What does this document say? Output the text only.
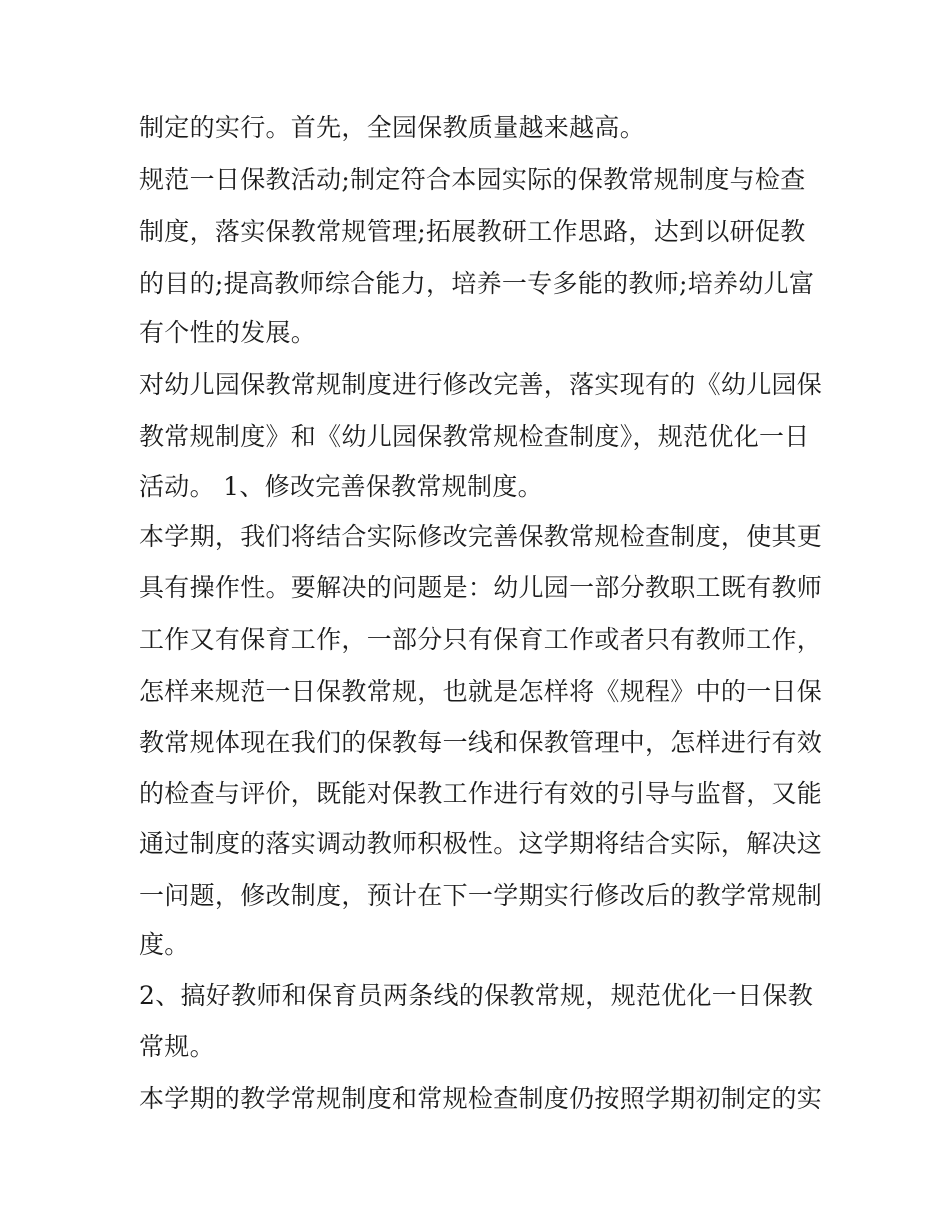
制定的实行。首先，全园保教质量越来越高。
规范一日保教活动;制定符合本园实际的保教常规制度与检查
制度，落实保教常规管理;拓展教研工作思路，达到以研促教
的目的;提高教师综合能力，培养一专多能的教师;培养幼儿富
有个性的发展。
对幼儿园保教常规制度进行修改完善，落实现有的《幼儿园保
教常规制度》和《幼儿园保教常规检查制度》，规范优化一日
活动。 1、修改完善保教常规制度。
本学期，我们将结合实际修改完善保教常规检查制度，使其更
具有操作性。要解决的问题是：幼儿园一部分教职工既有教师
工作又有保育工作，一部分只有保育工作或者只有教师工作，
怎样来规范一日保教常规，也就是怎样将《规程》中的一日保
教常规体现在我们的保教每一线和保教管理中，怎样进行有效
的检查与评价，既能对保教工作进行有效的引导与监督，又能
通过制度的落实调动教师积极性。这学期将结合实际，解决这
一问题，修改制度，预计在下一学期实行修改后的教学常规制
度。
2、搞好教师和保育员两条线的保教常规，规范优化一日保教
常规。
本学期的教学常规制度和常规检查制度仍按照学期初制定的实
